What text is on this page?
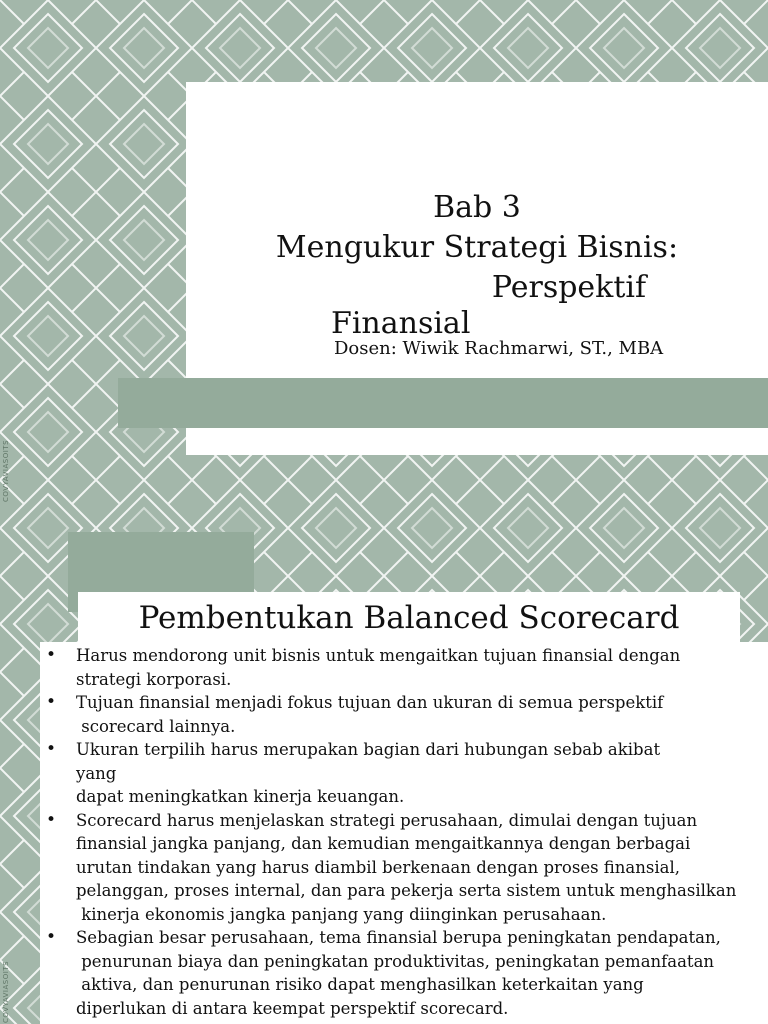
Bab 3
Mengukur Strategi Bisnis:
Perspektif
Finansial
Dosen: Wiwik Rachmarwi, ST., MBA
COVYAVIASOITS
COVYAVIASOITS
Pembentukan Balanced Scorecard
• Harus mendorong unit bisnis untuk mengaitkan tujuan finansial dengan
strategi korporasi.
• Tujuan finansial menjadi fokus tujuan dan ukuran di semua perspektif
scorecard lainnya.
• Ukuran terpilih harus merupakan bagian dari hubungan sebab akibat
yang
dapat meningkatkan kinerja keuangan.
• Scorecard harus menjelaskan strategi perusahaan, dimulai dengan tujuan
finansial jangka panjang, dan kemudian mengaitkannya dengan berbagai
urutan tindakan yang harus diambil berkenaan dengan proses finansial,
pelanggan, proses internal, dan para pekerja serta sistem untuk menghasilkan
kinerja ekonomis jangka panjang yang diinginkan perusahaan.
• Sebagian besar perusahaan, tema finansial berupa peningkatan pendapatan,
penurunan biaya dan peningkatan produktivitas, peningkatan pemanfaatan
aktiva, dan penurunan risiko dapat menghasilkan keterkaitan yang
diperlukan di antara keempat perspektif scorecard.
